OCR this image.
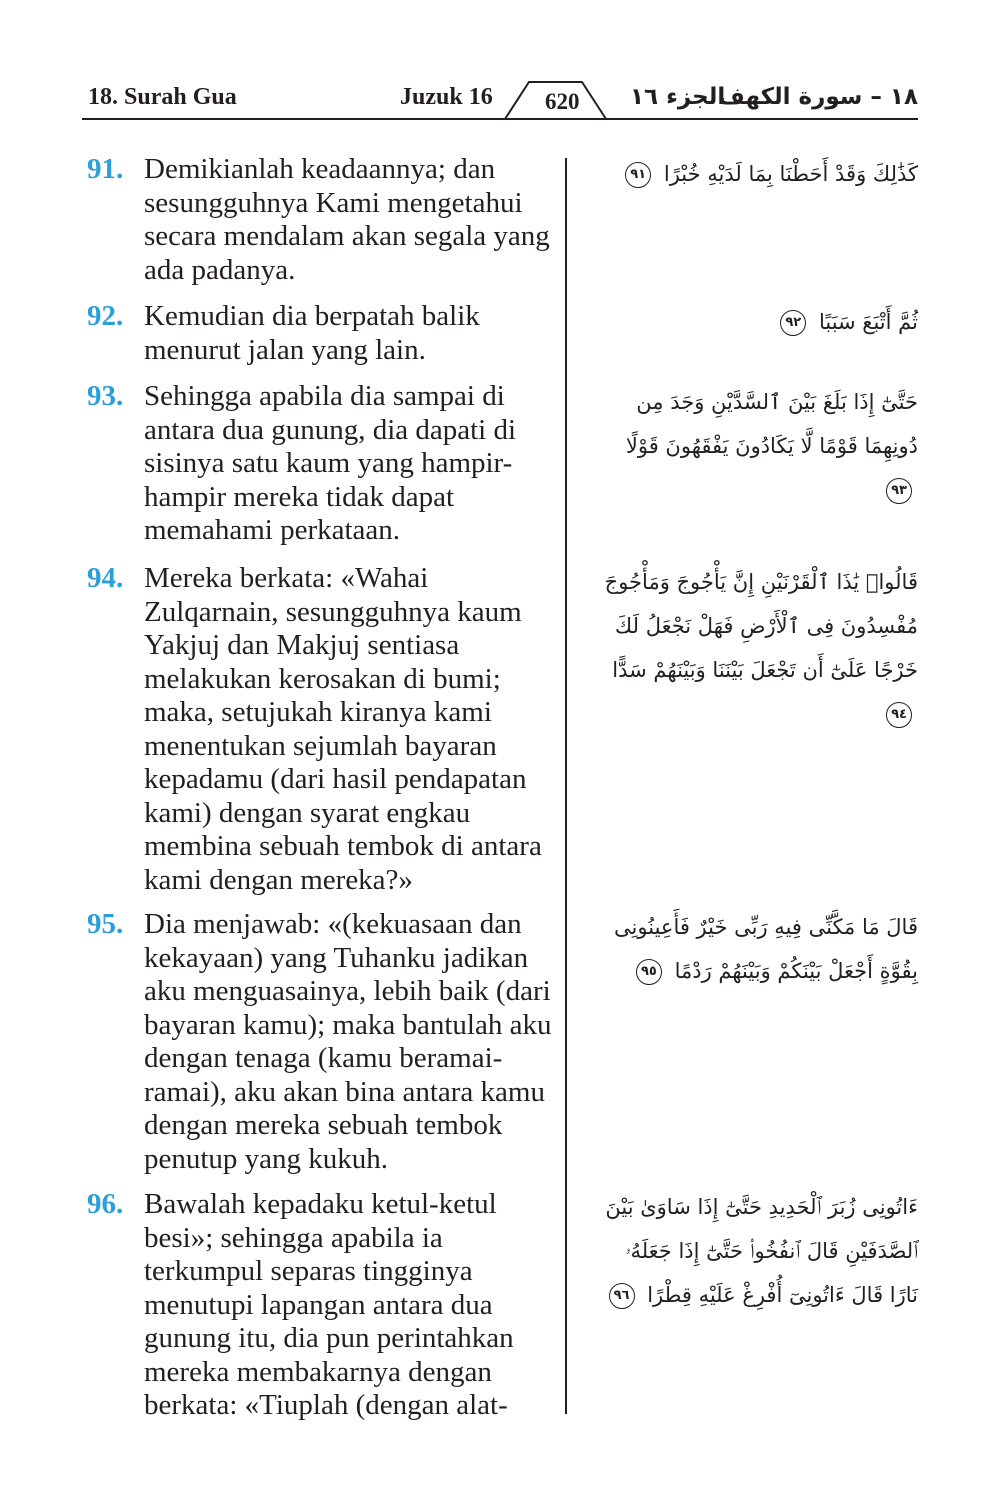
18. Surah Gua	Juzuk 16 620 الجزء ١٦
١٨ – سورة الكهف
91. Demikianlah keadaannya; dan sesungguhnya Kami mengetahui secara mendalam akan segala yang ada padanya.
كَذَٰلِكَ وَقَدْ أَحَطْنَا بِمَا لَدَيْهِ خُبْرًا ٩١
92. Kemudian dia berpatah balik menurut jalan yang lain.
ثُمَّ أَتْبَعَ سَبَبًا ٩٢
93. Sehingga apabila dia sampai di antara dua gunung, dia dapati di sisinya satu kaum yang hampir-hampir mereka tidak dapat memahami perkataan.
حَتَّىٰٓ إِذَا بَلَغَ بَيْنَ ٱلسَّدَّيْنِ وَجَدَ مِن دُونِهِمَا قَوْمًا لَّا يَكَادُونَ يَفْقَهُونَ قَوْلًا ٩٣
94. Mereka berkata: «Wahai Zulqarnain, sesungguhnya kaum Yakjuj dan Makjuj sentiasa melakukan kerosakan di bumi; maka, setujukah kiranya kami menentukan sejumlah bayaran kepadamu (dari hasil pendapatan kami) dengan syarat engkau membina sebuah tembok di antara kami dengan mereka?»
قَالُوا۟ يَٰذَا ٱلْقَرْنَيْنِ إِنَّ يَأْجُوجَ وَمَأْجُوجَ مُفْسِدُونَ فِى ٱلْأَرْضِ فَهَلْ نَجْعَلُ لَكَ خَرْجًا عَلَىٰٓ أَن تَجْعَلَ بَيْنَنَا وَبَيْنَهُمْ سَدًّا ٩٤
95. Dia menjawab: «(kekuasaan dan kekayaan) yang Tuhanku jadikan aku menguasainya, lebih baik (dari bayaran kamu); maka bantulah aku dengan tenaga (kamu beramai-ramai), aku akan bina antara kamu dengan mereka sebuah tembok penutup yang kukuh.
قَالَ مَا مَكَّنِّى فِيهِ رَبِّى خَيْرٌ فَأَعِينُونِى بِقُوَّةٍ أَجْعَلْ بَيْنَكُمْ وَبَيْنَهُمْ رَدْمًا ٩٥
96. Bawalah kepadaku ketul-ketul besi»; sehingga apabila ia terkumpul separas tingginya menutupi lapangan antara dua gunung itu, dia pun perintahkan mereka membakarnya dengan berkata: «Tiuplah (dengan alat-
ءَاتُونِى زُبَرَ ٱلْحَدِيدِ حَتَّىٰٓ إِذَا سَاوَىٰ بَيْنَ ٱلصَّدَفَيْنِ قَالَ ٱنفُخُوا۟ حَتَّىٰٓ إِذَا جَعَلَهُۥ نَارًا قَالَ ءَاتُونِىٓ أُفْرِغْ عَلَيْهِ قِطْرًا ٩٦
